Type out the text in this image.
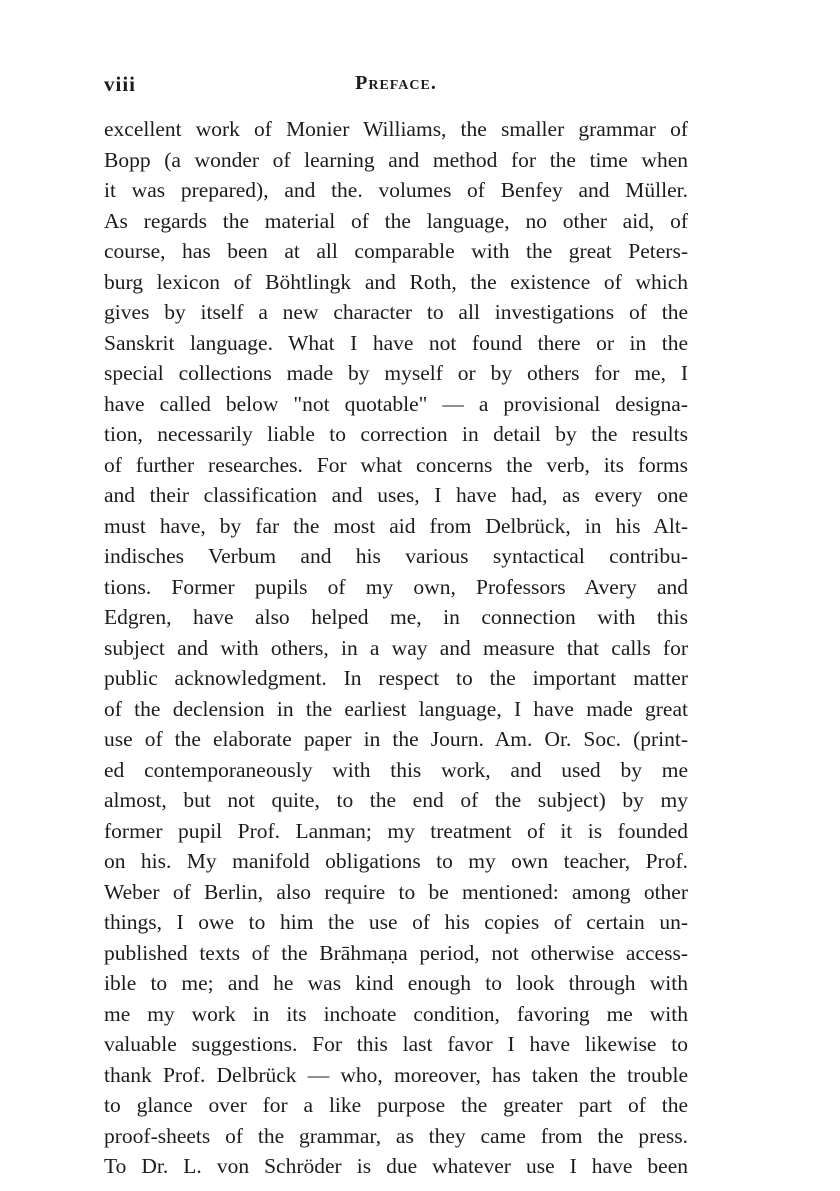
viii	Preface.
excellent work of Monier Williams, the smaller grammar of
Bopp (a wonder of learning and method for the time when
it was prepared), and the. volumes of Benfey and Müller.
As regards the material of the language, no other aid, of
course, has been at all comparable with the great Peters-
burg lexicon of Böhtlingk and Roth, the existence of which
gives by itself a new character to all investigations of the
Sanskrit language. What I have not found there or in the
special collections made by myself or by others for me, I
have called below "not quotable" — a provisional designa-
tion, necessarily liable to correction in detail by the results
of further researches. For what concerns the verb, its forms
and their classification and uses, I have had, as every one
must have, by far the most aid from Delbrück, in his Alt-
indisches Verbum and his various syntactical contribu-
tions. Former pupils of my own, Professors Avery and
Edgren, have also helped me, in connection with this
subject and with others, in a way and measure that calls for
public acknowledgment. In respect to the important matter
of the declension in the earliest language, I have made great
use of the elaborate paper in the Journ. Am. Or. Soc. (print-
ed contemporaneously with this work, and used by me
almost, but not quite, to the end of the subject) by my
former pupil Prof. Lanman; my treatment of it is founded
on his. My manifold obligations to my own teacher, Prof.
Weber of Berlin, also require to be mentioned: among other
things, I owe to him the use of his copies of certain un-
published texts of the Brāhmaṇa period, not otherwise access-
ible to me; and he was kind enough to look through with
me my work in its inchoate condition, favoring me with
valuable suggestions. For this last favor I have likewise to
thank Prof. Delbrück — who, moreover, has taken the trouble
to glance over for a like purpose the greater part of the
proof-sheets of the grammar, as they came from the press.
To Dr. L. von Schröder is due whatever use I have been
